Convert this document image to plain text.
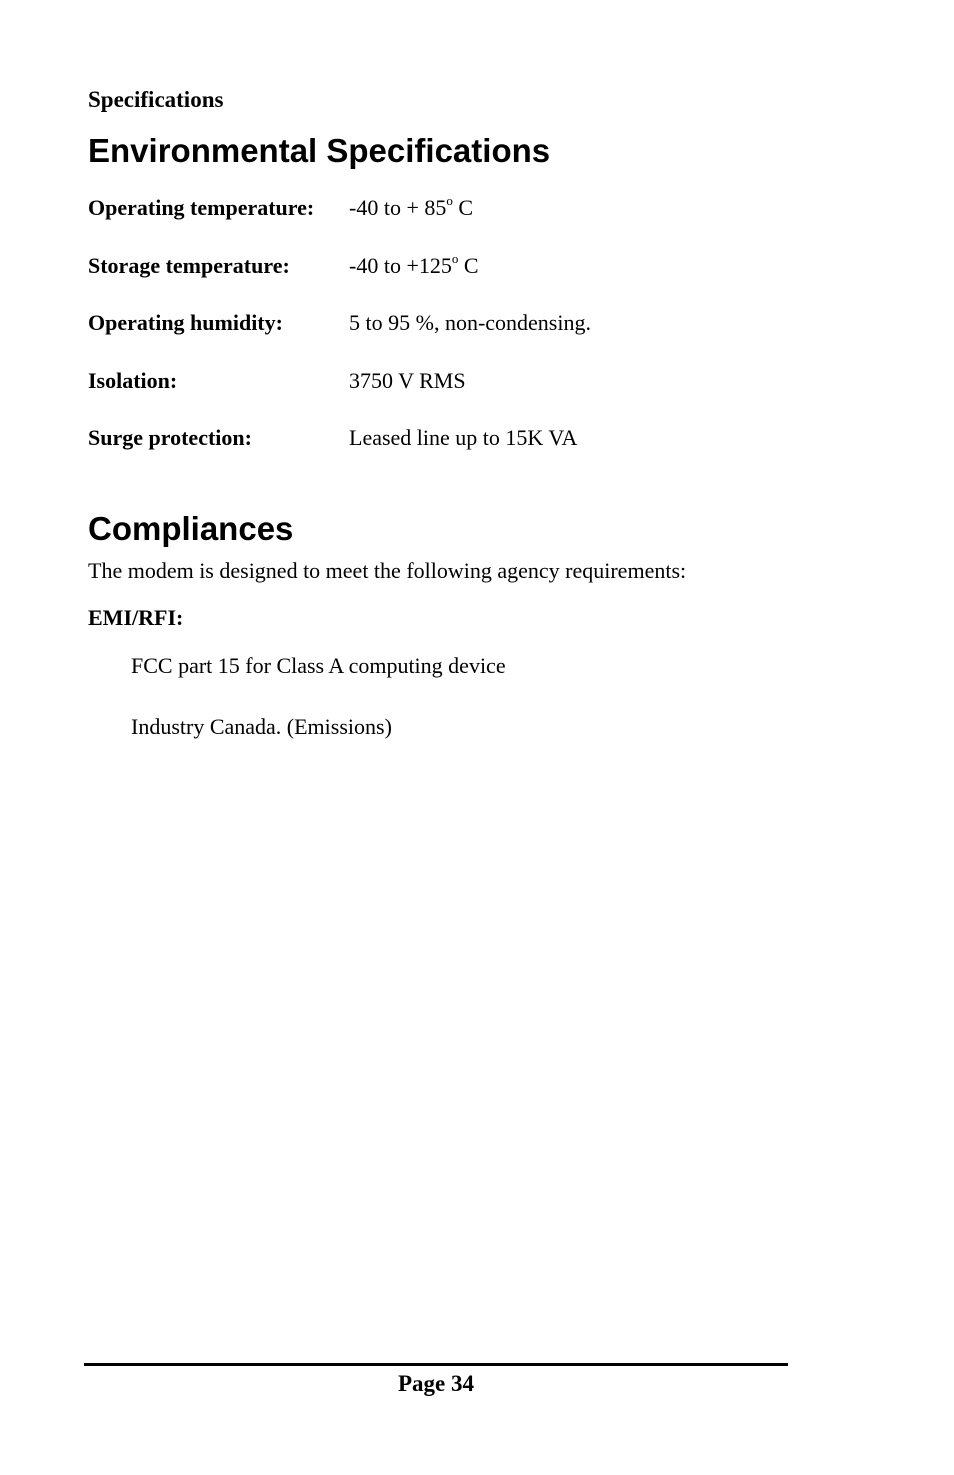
Specifications
Environmental Specifications
Operating temperature: -40 to + $85^o$ C
Storage temperature:	-40 to $+125^o$ C
Operating humidity:	5 to 95 %, non-condensing.
Isolation:	3750 V RMS
Surge protection:	Leased line up to 15K VA
Compliances
The modem is designed to meet the following agency requirements:
EMI/RFI:
FCC part 15 for Class A computing device
Industry Canada. (Emissions)
Page 34
